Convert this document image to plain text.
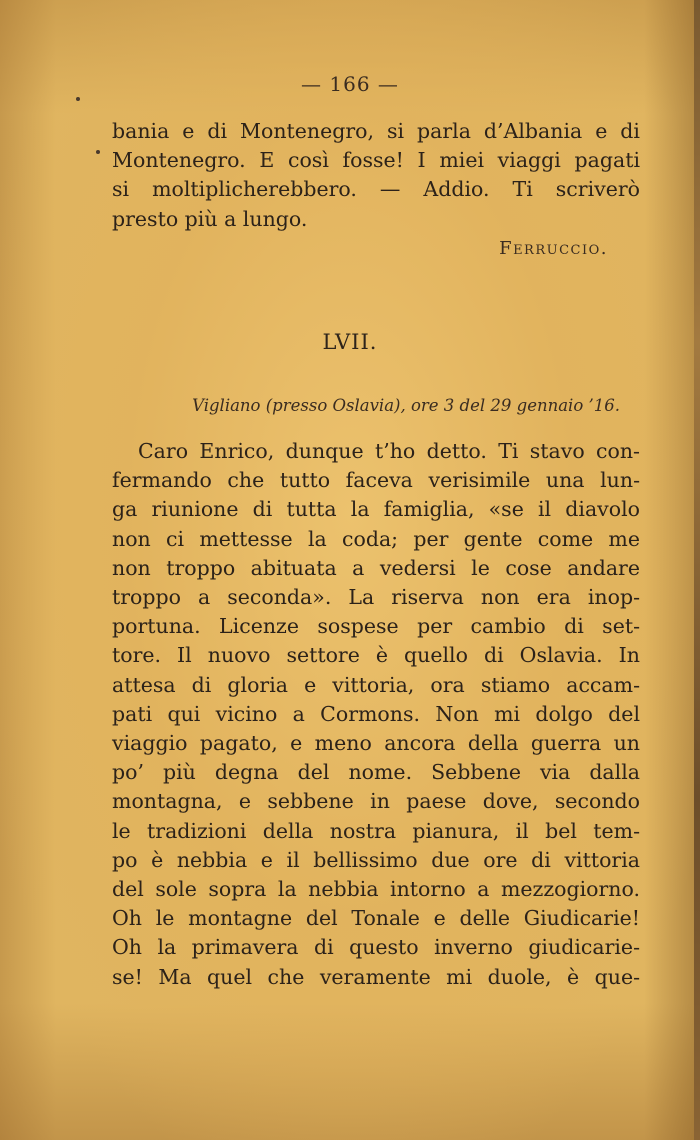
— 166 —
bania e di Montenegro, si parla d’Albania e di
Montenegro. E così fosse! I miei viaggi pagati
si moltiplicherebbero. — Addio. Ti scriverò
presto più a lungo.
Ferruccio.
LVII.
Vigliano (presso Oslavia), ore 3 del 29 gennaio ’16.
Caro Enrico, dunque t’ho detto. Ti stavo con-
fermando che tutto faceva verisimile una lun-
ga riunione di tutta la famiglia, «se il diavolo
non ci mettesse la coda; per gente come me
non troppo abituata a vedersi le cose andare
troppo a seconda». La riserva non era inop-
portuna. Licenze sospese per cambio di set-
tore. Il nuovo settore è quello di Oslavia. In
attesa di gloria e vittoria, ora stiamo accam-
pati qui vicino a Cormons. Non mi dolgo del
viaggio pagato, e meno ancora della guerra un
po’ più degna del nome. Sebbene via dalla
montagna, e sebbene in paese dove, secondo
le tradizioni della nostra pianura, il bel tem-
po è nebbia e il bellissimo due ore di vittoria
del sole sopra la nebbia intorno a mezzogiorno.
Oh le montagne del Tonale e delle Giudicarie!
Oh la primavera di questo inverno giudicarie-
se! Ma quel che veramente mi duole, è que-
